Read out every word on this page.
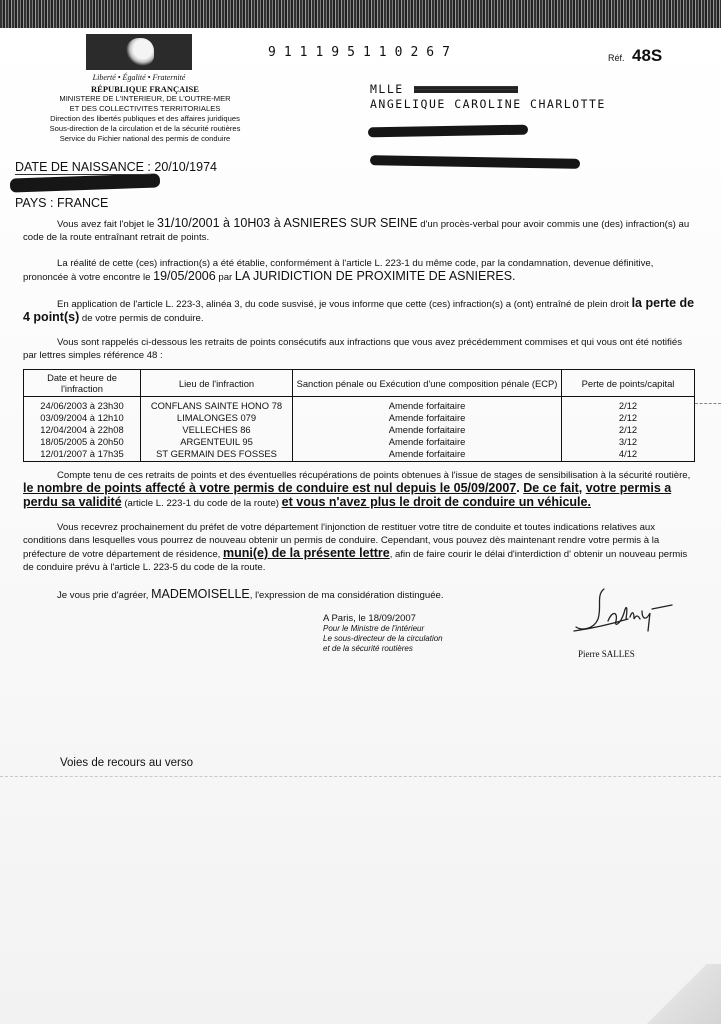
Liberté • Égalité • Fraternité
RÉPUBLIQUE FRANÇAISE
MINISTERE DE L'INTERIEUR, DE L'OUTRE-MER
ET DES COLLECTIVITES TERRITORIALES
Direction des libertés publiques et des affaires juridiques
Sous-direction de la circulation et de la sécurité routières
Service du Fichier national des permis de conduire
911195110267	Réf. 48S
MLLE
ANGELIQUE CAROLINE CHARLOTTE
DATE DE NAISSANCE : 20/10/1974
PAYS : FRANCE

Vous avez fait l'objet le 31/10/2001 à 10H03 à ASNIERES SUR SEINE d'un procès-verbal pour avoir commis une (des) infraction(s) au code de la route entraînant retrait de points.

La réalité de cette (ces) infraction(s) a été établie, conformément à l'article L. 223-1 du même code, par la condamnation, devenue définitive, prononcée à votre encontre le 19/05/2006 par LA JURIDICTION DE PROXIMITE DE ASNIERES.

En application de l'article L. 223-3, alinéa 3, du code susvisé, je vous informe que cette (ces) infraction(s) a (ont) entraîné de plein droit la perte de 4 point(s) de votre permis de conduire.

Vous sont rappelés ci-dessous les retraits de points consécutifs aux infractions que vous avez précédemment commises et qui vous ont été notifiés par lettres simples référence 48 :

Date et heure de l'infraction	Lieu de l'infraction	Sanction pénale ou Exécution d'une composition pénale (ECP)	Perte de points/capital
24/06/2003 à 23h30	CONFLANS SAINTE HONO 78	Amende forfaitaire	2/12
03/09/2004 à 12h10	LIMALONGES 079	Amende forfaitaire	2/12
12/04/2004 à 22h08	VELLECHES 86	Amende forfaitaire	2/12
18/05/2005 à 20h50	ARGENTEUIL 95	Amende forfaitaire	3/12
12/01/2007 à 17h35	ST GERMAIN DES FOSSES	Amende forfaitaire	4/12

Compte tenu de ces retraits de points et des éventuelles récupérations de points obtenues à l'issue de stages de sensibilisation à la sécurité routière, le nombre de points affecté à votre permis de conduire est nul depuis le 05/09/2007. De ce fait, votre permis a perdu sa validité (article L. 223-1 du code de la route) et vous n'avez plus le droit de conduire un véhicule.

Vous recevrez prochainement du préfet de votre département l'injonction de restituer votre titre de conduite et toutes indications relatives aux conditions dans lesquelles vous pourrez de nouveau obtenir un permis de conduire. Cependant, vous pouvez dès maintenant rendre votre permis à la préfecture de votre département de résidence, muni(e) de la présente lettre, afin de faire courir le délai d'interdiction d' obtenir un nouveau permis de conduire prévu à l'article L. 223-5 du code de la route.

Je vous prie d'agréer, MADEMOISELLE, l'expression de ma considération distinguée.

A Paris, le 18/09/2007
Pour le Ministre de l'intérieur
Le sous-directeur de la circulation
et de la sécurité routières
Pierre SALLES
Voies de recours au verso
